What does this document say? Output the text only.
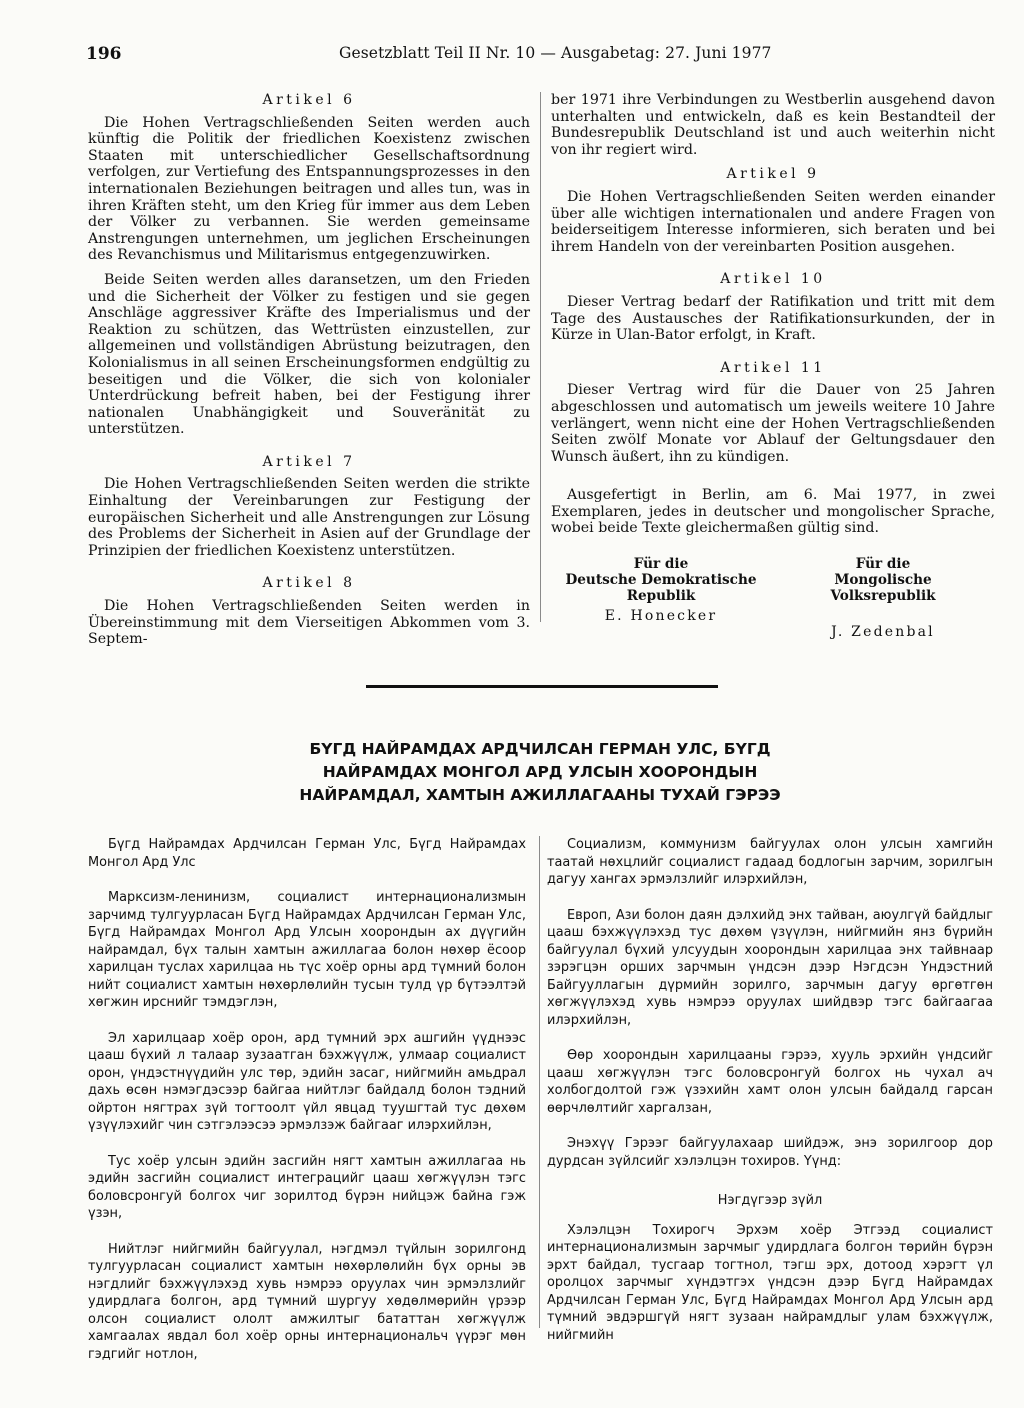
196	Gesetzblatt Teil II Nr. 10 — Ausgabetag: 27. Juni 1977
Artikel 6

Die Hohen Vertragschließenden Seiten werden auch künftig die Politik der friedlichen Koexistenz zwischen Staaten mit unterschiedlicher Gesellschaftsordnung verfolgen, zur Vertiefung des Entspannungsprozesses in den internationalen Beziehungen beitragen und alles tun, was in ihren Kräften steht, um den Krieg für immer aus dem Leben der Völker zu verbannen. Sie werden gemeinsame Anstrengungen unternehmen, um jeglichen Erscheinungen des Revanchismus und Militarismus entgegenzuwirken.

Beide Seiten werden alles daransetzen, um den Frieden und die Sicherheit der Völker zu festigen und sie gegen Anschläge aggressiver Kräfte des Imperialismus und der Reaktion zu schützen, das Wettrüsten einzustellen, zur allgemeinen und vollständigen Abrüstung beizutragen, den Kolonialismus in all seinen Erscheinungsformen endgültig zu beseitigen und die Völker, die sich von kolonialer Unterdrückung befreit haben, bei der Festigung ihrer nationalen Unabhängigkeit und Souveränität zu unterstützen.

Artikel 7

Die Hohen Vertragschließenden Seiten werden die strikte Einhaltung der Vereinbarungen zur Festigung der europäischen Sicherheit und alle Anstrengungen zur Lösung des Problems der Sicherheit in Asien auf der Grundlage der Prinzipien der friedlichen Koexistenz unterstützen.

Artikel 8

Die Hohen Vertragschließenden Seiten werden in Übereinstimmung mit dem Vierseitigen Abkommen vom 3. Septem-

ber 1971 ihre Verbindungen zu Westberlin ausgehend davon unterhalten und entwickeln, daß es kein Bestandteil der Bundesrepublik Deutschland ist und auch weiterhin nicht von ihr regiert wird.

Artikel 9

Die Hohen Vertragschließenden Seiten werden einander über alle wichtigen internationalen und andere Fragen von beiderseitigem Interesse informieren, sich beraten und bei ihrem Handeln von der vereinbarten Position ausgehen.

Artikel 10

Dieser Vertrag bedarf der Ratifikation und tritt mit dem Tage des Austausches der Ratifikationsurkunden, der in Kürze in Ulan-Bator erfolgt, in Kraft.

Artikel 11

Dieser Vertrag wird für die Dauer von 25 Jahren abgeschlossen und automatisch um jeweils weitere 10 Jahre verlängert, wenn nicht eine der Hohen Vertragschließenden Seiten zwölf Monate vor Ablauf der Geltungsdauer den Wunsch äußert, ihn zu kündigen.

Ausgefertigt in Berlin, am 6. Mai 1977, in zwei Exemplaren, jedes in deutscher und mongolischer Sprache, wobei beide Texte gleichermaßen gültig sind.

Für die
Deutsche Demokratische Republik
E. Honecker
Für die
Mongolische Volksrepublik
J. Zedenbal
БҮГД НАЙРАМДАХ АРДЧИЛСАН ГЕРМАН УЛС, БҮГД
НАЙРАМДАХ МОНГОЛ АРД УЛСЫН ХООРОНДЫН
НАЙРАМДАЛ, ХАМТЫН АЖИЛЛАГААНЫ ТУХАЙ ГЭРЭЭ

Бүгд Найрамдах Ардчилсан Герман Улс, Бүгд Найрамдах Монгол Ард Улс

Марксизм-ленинизм, социалист интернационализмын зарчимд тулгуурласан Бүгд Найрамдах Ардчилсан Герман Улс, Бүгд Найрамдах Монгол Ард Улсын хоорондын ах дүүгийн найрамдал, бүх талын хамтын ажиллагаа болон нөхөр ёсоор харилцан туслах харилцаа нь түс хоёр орны ард түмний болон нийт социалист хамтын нөхөрлөлийн тусын тулд үр бүтээлтэй хөгжин ирснийг тэмдэглэн,

Эл харилцаар хоёр орон, ард түмний эрх ашгийн үүднээс цааш бүхий л талаар зузаатган бэхжүүлж, улмаар социалист орон, үндэстнүүдийн улс төр, эдийн засаг, нийгмийн амьдрал дахь өсөн нэмэгдэсээр байгаа нийтлэг байдалд болон тэдний ойртон нягтрах зүй тогтоолт үйл явцад туушгтай тус дөхөм үзүүлэхийг чин сэтгэлээсээ эрмэлзэж байгааг илэрхийлэн,

Тус хоёр улсын эдийн засгийн нягт хамтын ажиллагаа нь эдийн засгийн социалист интеграцийг цааш хөгжүүлэн тэгс боловсронгуй болгох чиг зорилтод бүрэн нийцэж байна гэж үзэн,

Нийтлэг нийгмийн байгуулал, нэгдмэл түйлын зорилгонд тулгуурласан социалист хамтын нөхөрлөлийн бүх орны эв нэгдлийг бэхжүүлэхэд хувь нэмрээ оруулах чин эрмэлзлийг удирдлага болгон, ард түмний шургуу хөдөлмөрийн үрээр олсон социалист ололт амжилтыг бататтан хөгжүүлж хамгаалах явдал бол хоёр орны интернациональч үүрэг мөн гэдгийг нотлон,

Социализм, коммунизм байгуулах олон улсын хамгийн таатай нөхцлийг социалист гадаад бодлогын зарчим, зорилгын дагуу хангах эрмэлзлийг илэрхийлэн,

Европ, Ази болон даян дэлхийд энх тайван, аюулгүй байдлыг цааш бэхжүүлэхэд тус дөхөм үзүүлэн, нийгмийн янз бүрийн байгуулал бүхий улсуудын хоорондын харилцаа энх тайвнаар зэрэгцэн орших зарчмын үндсэн дээр Нэгдсэн Үндэстний Байгууллагын дүрмийн зорилго, зарчмын дагуу өргөтгөн хөгжүүлэхэд хувь нэмрээ оруулах шийдвэр тэгс байгаагаа илэрхийлэн,

Өөр хоорондын харилцааны гэрээ, хууль эрхийн үндсийг цааш хөгжүүлэн тэгс боловсронгуй болгох нь чухал ач холбогдолтой гэж үзэхийн хамт олон улсын байдалд гарсан өөрчлөлтийг харгалзан,

Энэхүү Гэрээг байгуулахаар шийдэж, энэ зорилгоор дор дурдсан зүйлсийг хэлэлцэн тохиров. Үүнд:

Нэгдүгээр зүйл

Хэлэлцэн Тохирогч Эрхэм хоёр Этгээд социалист интернационализмын зарчмыг удирдлага болгон төрийн бүрэн эрхт байдал, тусгаар тогтнол, тэгш эрх, дотоод хэрэгт үл оролцох зарчмыг хүндэтгэх үндсэн дээр Бүгд Найрамдах Ардчилсан Герман Улс, Бүгд Найрамдах Монгол Ард Улсын ард түмний эвдэршгүй нягт зузаан найрамдлыг улам бэхжүүлж, нийгмийн
